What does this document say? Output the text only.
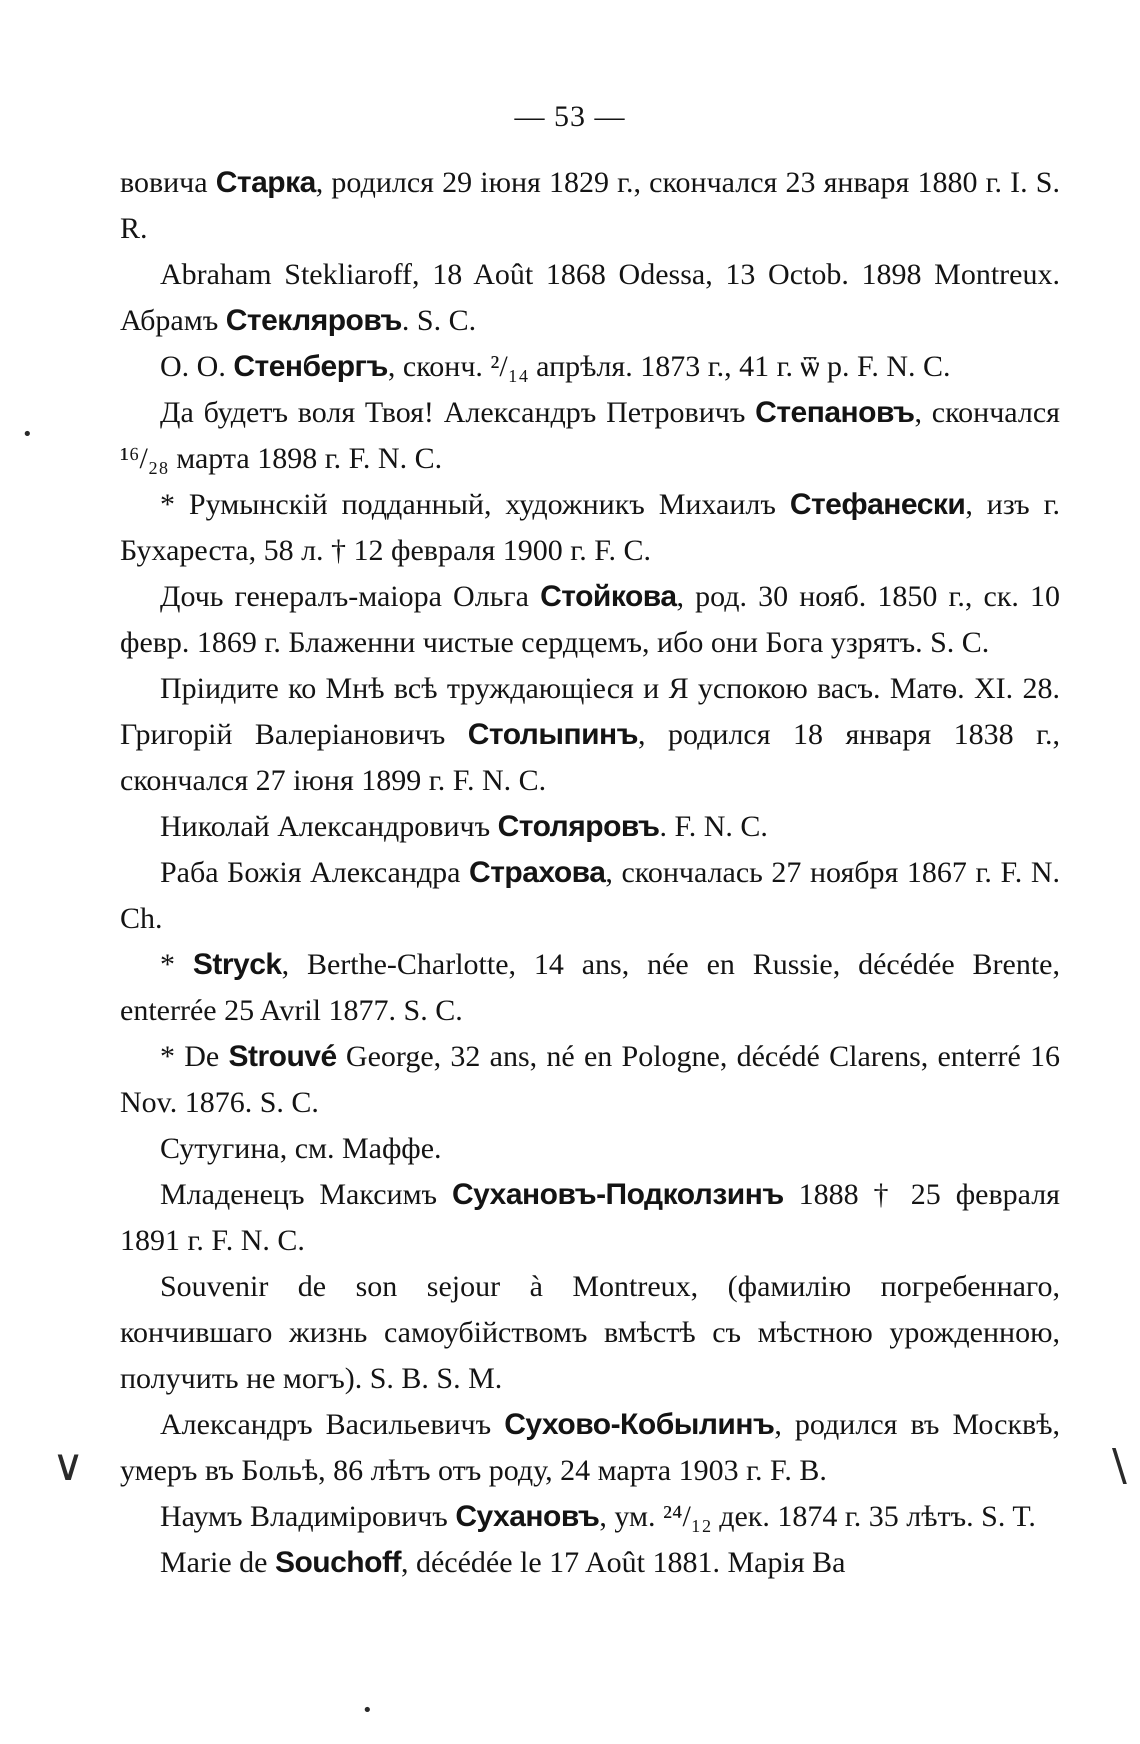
— 53 —

вовича Старка, родился 29 іюня 1829 г., скончался 23 января 1880 г. I. S. R.

Abraham Stekliaroff, 18 Août 1868 Odessa, 13 Octob. 1898 Montreux. Абрамъ Стекляровъ. S. C.

O. O. Стенбергъ, сконч. ²/₁₄ апрѣля. 1873 г., 41 г. ѿ р. F. N. C.

Да будетъ воля Твоя! Александръ Петровичъ Степановъ, скончался ¹⁶/₂₈ марта 1898 г. F. N. C.

* Румынскій подданный, художникъ Михаилъ Стефанески, изъ г. Бухареста, 58 л. † 12 февраля 1900 г. F. C.

Дочь генералъ-маіора Ольга Стойкова, род. 30 нояб. 1850 г., ск. 10 февр. 1869 г. Блаженни чистые сердцемъ, ибо они Бога узрятъ. S. C.

Пріидите ко Мнѣ всѣ труждающіеся и Я успокою васъ. Матѳ. XI. 28. Григорій Валеріановичъ Столыпинъ, родился 18 января 1838 г., скончался 27 іюня 1899 г. F. N. C.

Николай Александровичъ Столяровъ. F. N. C.

Раба Божія Александра Страхова, скончалась 27 ноября 1867 г. F. N. Ch.

* Stryck, Berthe-Charlotte, 14 ans, née en Russie, décédée Brente, enterrée 25 Avril 1877. S. C.

* De Strouvé George, 32 ans, né en Pologne, décédé Clarens, enterré 16 Nov. 1876. S. C.

Сутугина, см. Маффе.

Младенецъ Максимъ Сухановъ-Подколзинъ 1888 † 25 февраля 1891 г. F. N. C.

Souvenir de son sejour à Montreux, (фамилію погребеннаго, кончившаго жизнь самоубійствомъ вмѣстѣ съ мѣстною урожденною, получить не могъ). S. B. S. M.

Александръ Васильевичъ Сухово-Кобылинъ, родился въ Москвѣ, умеръ въ Больѣ, 86 лѣтъ отъ роду, 24 марта 1903 г. F. B.

Наумъ Владиміровичъ Сухановъ, ум. ²⁴/₁₂ дек. 1874 г. 35 лѣтъ. S. T.

Marie de Souchoff, décédée le 17 Août 1881. Марія Ва

∨	\
•
•
